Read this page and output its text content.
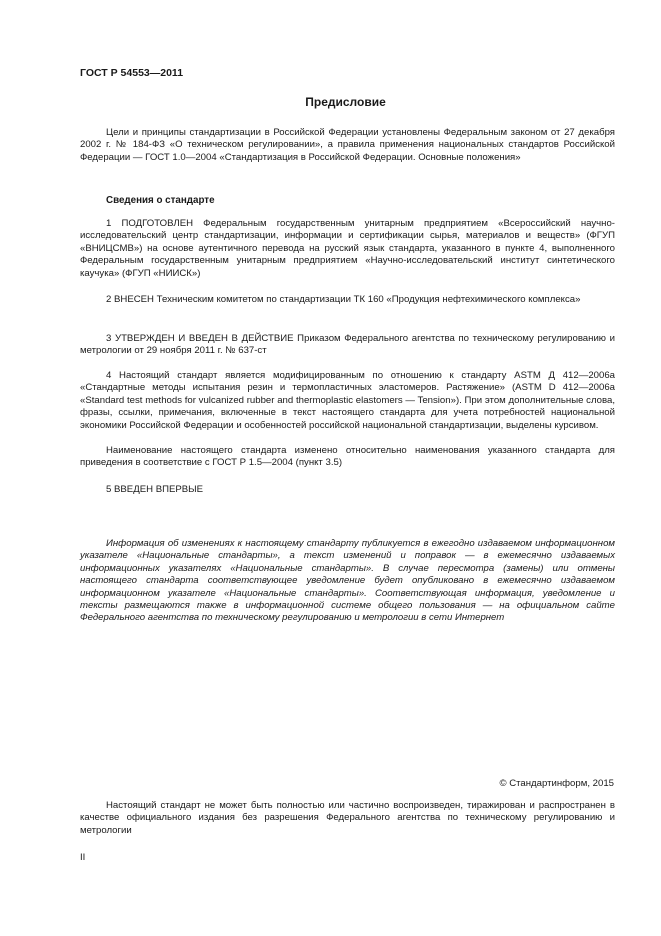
ГОСТ Р 54553—2011
Предисловие

Цели и принципы стандартизации в Российской Федерации установлены Федеральным законом от 27 декабря 2002 г. № 184-ФЗ «О техническом регулировании», а правила применения национальных стандартов Российской Федерации — ГОСТ 1.0—2004 «Стандартизация в Российской Федерации. Основные положения»

Сведения о стандарте

1 ПОДГОТОВЛЕН Федеральным государственным унитарным предприятием «Всероссийский научно-исследовательский центр стандартизации, информации и сертификации сырья, материалов и веществ» (ФГУП «ВНИЦСМВ») на основе аутентичного перевода на русский язык стандарта, указанного в пункте 4, выполненного Федеральным государственным унитарным предприятием «Научно-исследовательский институт синтетического каучука» (ФГУП «НИИСК»)

2 ВНЕСЕН Техническим комитетом по стандартизации ТК 160 «Продукция нефтехимического комплекса»

3 УТВЕРЖДЕН И ВВЕДЕН В ДЕЙСТВИЕ Приказом Федерального агентства по техническому регулированию и метрологии от 29 ноября 2011 г. № 637-ст

4 Настоящий стандарт является модифицированным по отношению к стандарту ASTM Д 412—2006а «Стандартные методы испытания резин и термопластичных эластомеров. Растяжение» (ASTM D 412—2006a «Standard test methods for vulcanized rubber and thermoplastic elastomers — Tension»). При этом дополнительные слова, фразы, ссылки, примечания, включенные в текст настоящего стандарта для учета потребностей национальной экономики Российской Федерации и особенностей российской национальной стандартизации, выделены курсивом.

Наименование настоящего стандарта изменено относительно наименования указанного стандарта для приведения в соответствие с ГОСТ Р 1.5—2004 (пункт 3.5)

5 ВВЕДЕН ВПЕРВЫЕ

Информация об изменениях к настоящему стандарту публикуется в ежегодно издаваемом информационном указателе «Национальные стандарты», а текст изменений и поправок — в ежемесячно издаваемых информационных указателях «Национальные стандарты». В случае пересмотра (замены) или отмены настоящего стандарта соответствующее уведомление будет опубликовано в ежемесячно издаваемом информационном указателе «Национальные стандарты». Соответствующая информация, уведомление и тексты размещаются также в информационной системе общего пользования — на официальном сайте Федерального агентства по техническому регулированию и метрологии в сети Интернет

© Стандартинформ, 2015

Настоящий стандарт не может быть полностью или частично воспроизведен, тиражирован и распространен в качестве официального издания без разрешения Федерального агентства по техническому регулированию и метрологии

II
